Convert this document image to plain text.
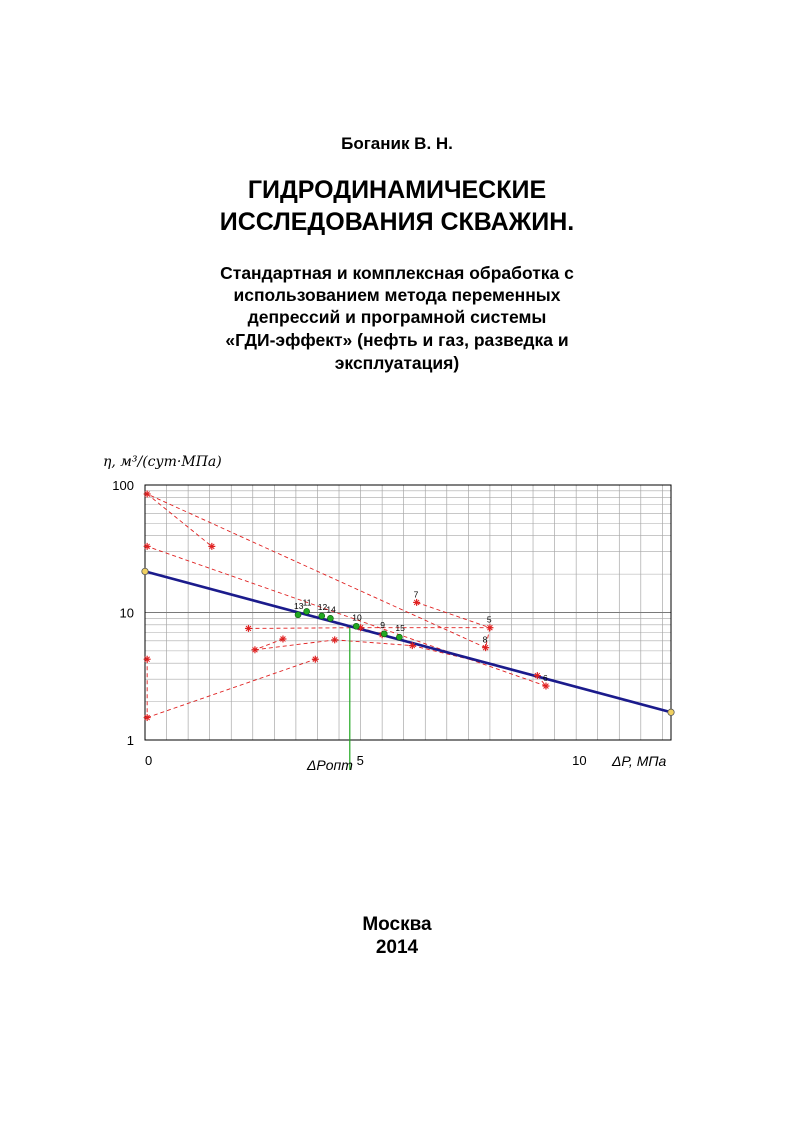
Боганик В. Н.
ГИДРОДИНАМИЧЕСКИЕ
ИССЛЕДОВАНИЯ СКВАЖИН.
Стандартная и комплексная обработка с
использованием метода переменных
депрессий и програмной системы
«ГДИ-эффект» (нефть и газ, разведка и
эксплуатация)
0	5	10
1
10
100
7
5
8
6
11 12
13	14
10
9 15
η, м³/(сут·МПа)
ΔP, МПа
ΔPопт
Москва
2014
